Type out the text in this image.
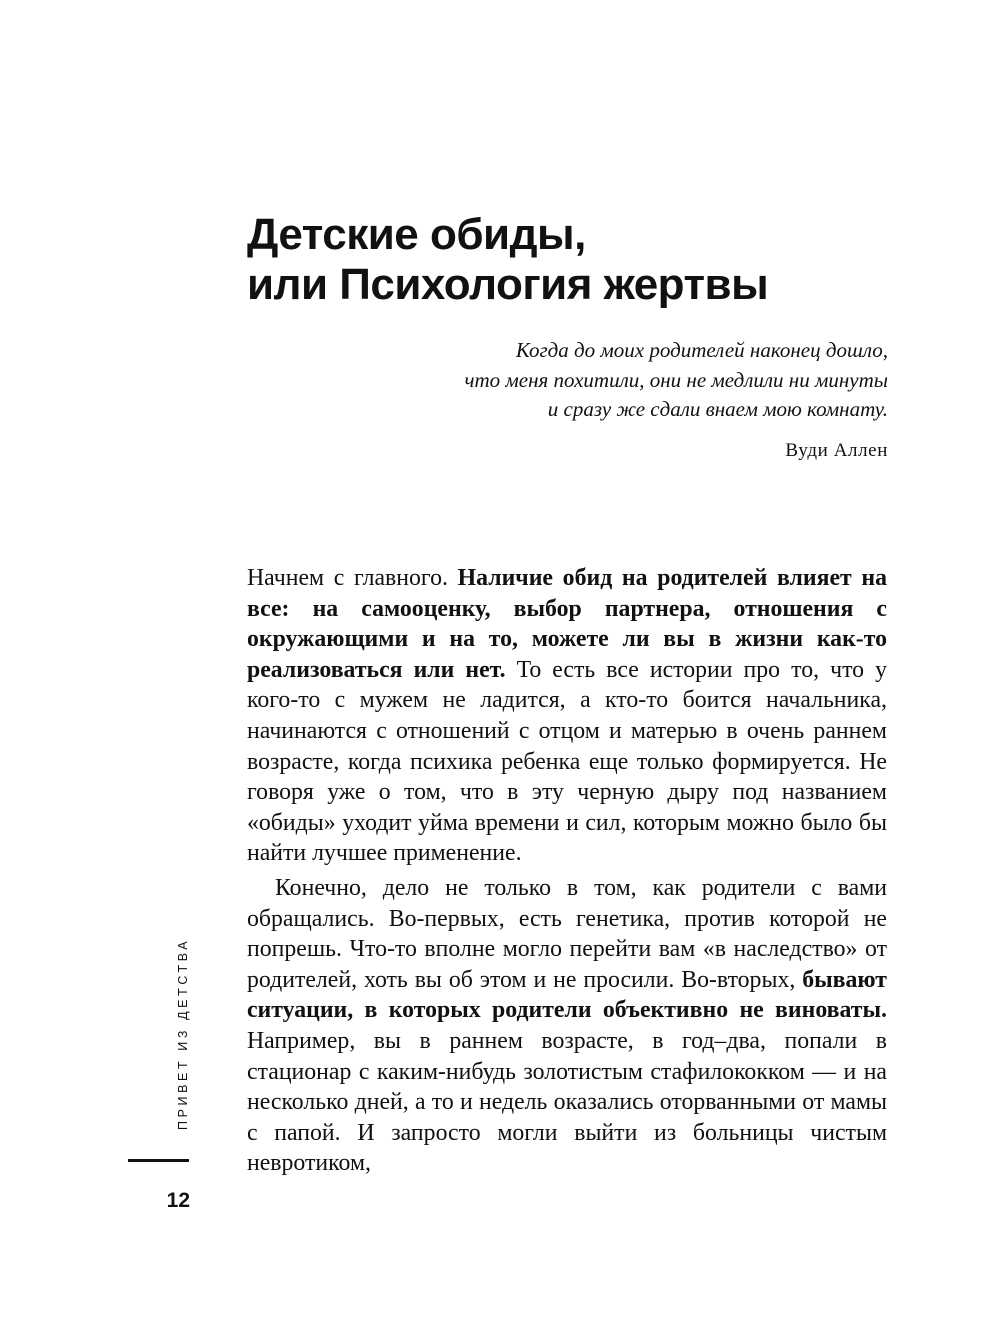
Детские обиды,
или Психология жертвы

Когда до моих родителей наконец дошло,
что меня похитили, они не медлили ни минуты
и сразу же сдали внаем мою комнату.

Вуди Аллен

Начнем с главного. Наличие обид на родителей влияет на все: на самооценку, выбор партнера, отношения с окружающими и на то, можете ли вы в жизни как-то реализоваться или нет. То есть все истории про то, что у кого-то с мужем не ладится, а кто-то боится начальника, начинаются с отношений с отцом и матерью в очень раннем возрасте, когда психика ребенка еще только формируется. Не говоря уже о том, что в эту черную дыру под названием «обиды» уходит уйма времени и сил, которым можно было бы найти лучшее применение.

Конечно, дело не только в том, как родители с вами обращались. Во-первых, есть генетика, против которой не попрешь. Что-то вполне могло перейти вам «в наследство» от родителей, хоть вы об этом и не просили. Во-вторых, бывают ситуации, в которых родители объективно не виноваты. Например, вы в раннем возрасте, в год–два, попали в стационар с каким-нибудь золотистым стафилококком — и на несколько дней, а то и недель оказались оторванными от мамы с папой. И запросто могли выйти из больницы чистым невротиком,

ПРИВЕТ ИЗ ДЕТСТВА
12
